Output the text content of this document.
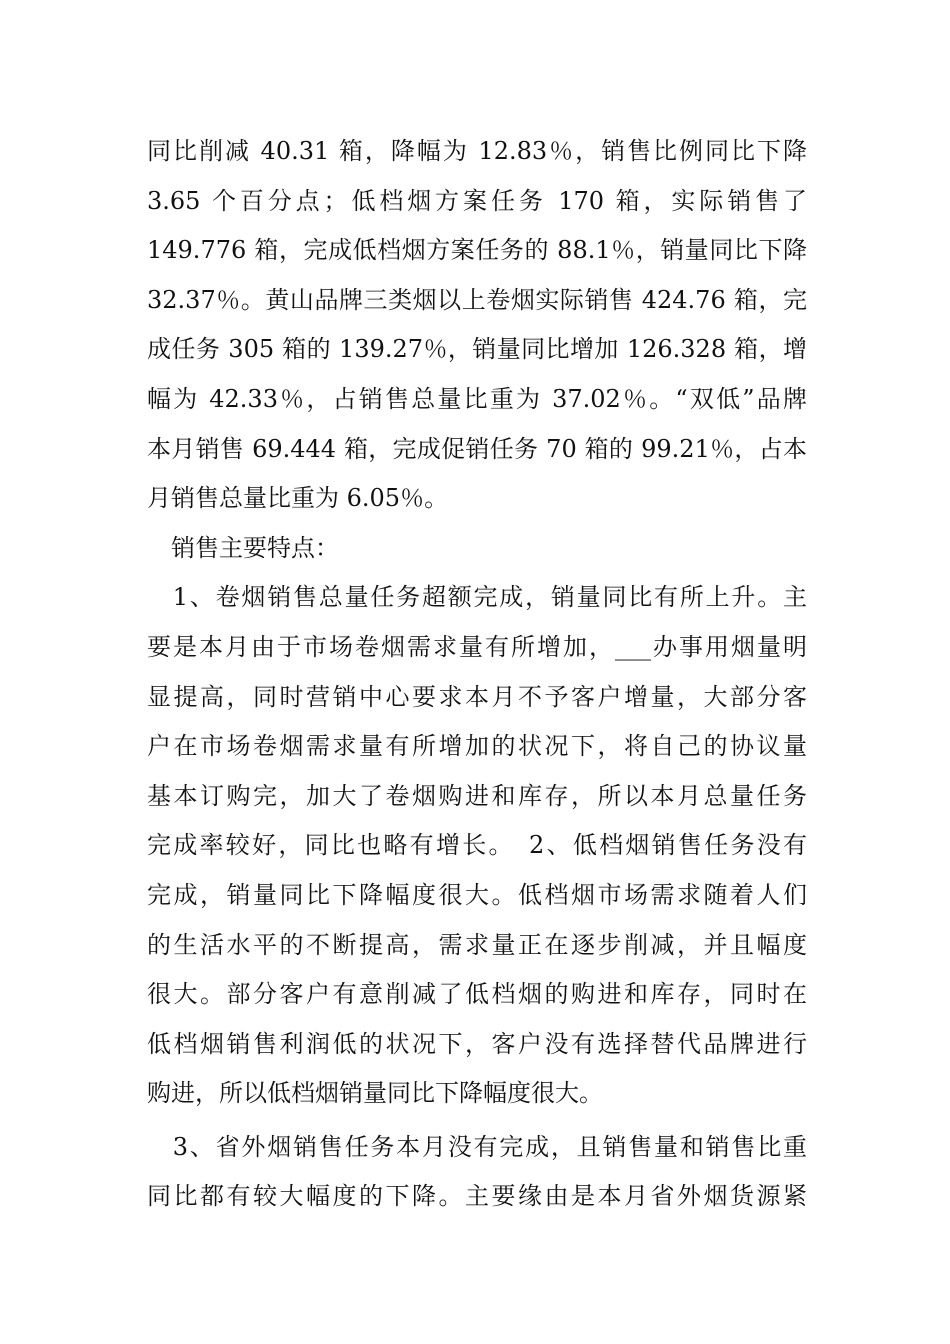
同比削减 40.31 箱，降幅为 12.83％，销售比例同比下降
3.65 个百分点；低档烟方案任务 170 箱，实际销售了
149.776 箱，完成低档烟方案任务的 88.1％，销量同比下降
32.37％。黄山品牌三类烟以上卷烟实际销售 424.76 箱，完
成任务 305 箱的 139.27％，销量同比增加 126.328 箱，增
幅为 42.33％，占销售总量比重为 37.02％。“双低”品牌
本月销售 69.444 箱，完成促销任务 70 箱的 99.21％，占本
月销售总量比重为 6.05％。
　销售主要特点：
　1、卷烟销售总量任务超额完成，销量同比有所上升。主
要是本月由于市场卷烟需求量有所增加，___办事用烟量明
显提高，同时营销中心要求本月不予客户增量，大部分客
户在市场卷烟需求量有所增加的状况下，将自己的协议量
基本订购完，加大了卷烟购进和库存，所以本月总量任务
完成率较好，同比也略有增长。　2、低档烟销售任务没有
完成，销量同比下降幅度很大。低档烟市场需求随着人们
的生活水平的不断提高，需求量正在逐步削减，并且幅度
很大。部分客户有意削减了低档烟的购进和库存，同时在
低档烟销售利润低的状况下，客户没有选择替代品牌进行
购进，所以低档烟销量同比下降幅度很大。
　3、省外烟销售任务本月没有完成，且销售量和销售比重
同比都有较大幅度的下降。主要缘由是本月省外烟货源紧
